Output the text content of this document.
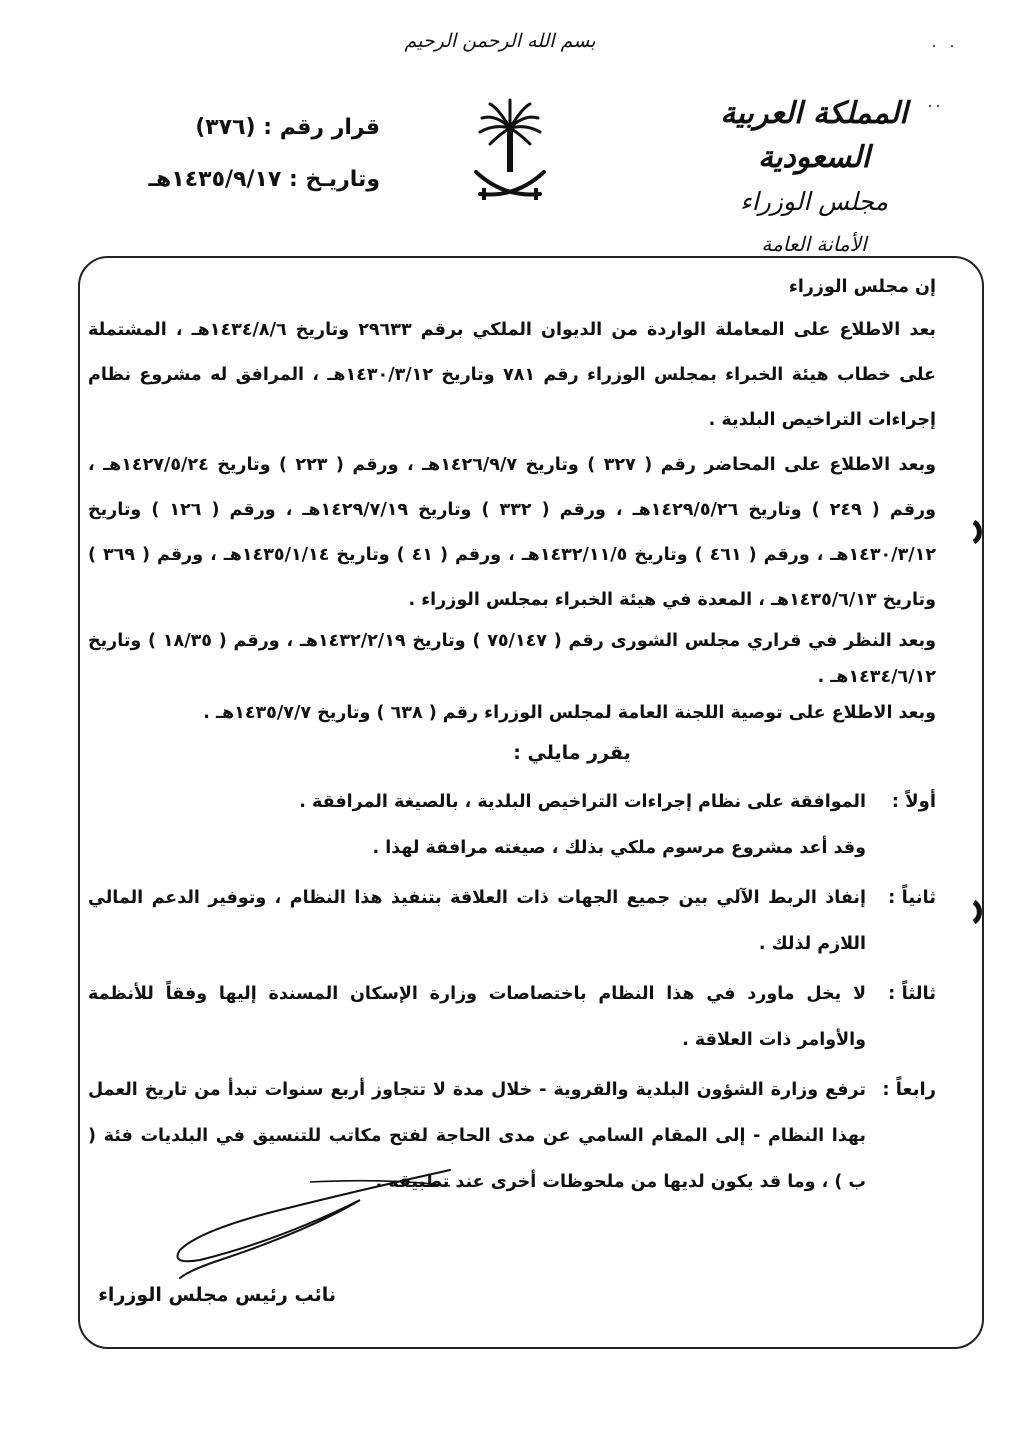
بسم الله الرحمن الرحيم
المملكة العربية السعودية
مجلس الوزراء
الأمانة العامة
قرار رقم : (٣٧٦)
وتاريـخ : ١٤٣٥/٩/١٧هـ

إن مجلس الوزراء

بعد الاطلاع على المعاملة الواردة من الديوان الملكي برقم ٢٩٦٣٣ وتاريخ ١٤٣٤/٨/٦هـ ، المشتملة على خطاب هيئة الخبراء بمجلس الوزراء رقم ٧٨١ وتاريخ ١٤٣٠/٣/١٢هـ ، المرافق له مشروع نظام إجراءات التراخيص البلدية .

وبعد الاطلاع على المحاضر رقم ( ٣٢٧ ) وتاريخ ١٤٢٦/٩/٧هـ ، ورقم ( ٢٢٣ ) وتاريخ ١٤٢٧/٥/٢٤هـ ، ورقم ( ٢٤٩ ) وتاريخ ١٤٢٩/٥/٢٦هـ ، ورقم ( ٣٣٢ ) وتاريخ ١٤٢٩/٧/١٩هـ ، ورقم ( ١٢٦ ) وتاريخ ١٤٣٠/٣/١٢هـ ، ورقم ( ٤٦١ ) وتاريخ ١٤٣٢/١١/٥هـ ، ورقم ( ٤١ ) وتاريخ ١٤٣٥/١/١٤هـ ، ورقم ( ٣٦٩ ) وتاريخ ١٤٣٥/٦/١٣هـ ، المعدة في هيئة الخبراء بمجلس الوزراء .

وبعد النظر في قراري مجلس الشورى رقم ( ٧٥/١٤٧ ) وتاريخ ١٤٣٢/٢/١٩هـ ، ورقم ( ١٨/٣٥ ) وتاريخ ١٤٣٤/٦/١٢هـ .

وبعد الاطلاع على توصية اللجنة العامة لمجلس الوزراء رقم ( ٦٣٨ ) وتاريخ ١٤٣٥/٧/٧هـ .

يقرر مايلي :

أولاً :
الموافقة على نظام إجراءات التراخيص البلدية ، بالصيغة المرافقة .
وقد أعد مشروع مرسوم ملكي بذلك ، صيغته مرافقة لهذا .
ثانياً :
إنفاذ الربط الآلي بين جميع الجهات ذات العلاقة بتنفيذ هذا النظام ، وتوفير الدعم المالي اللازم لذلك .
ثالثاً :
لا يخل ماورد في هذا النظام باختصاصات وزارة الإسكان المسندة إليها وفقاً للأنظمة والأوامر ذات العلاقة .
رابعاً :
ترفع وزارة الشؤون البلدية والقروية - خلال مدة لا تتجاوز أربع سنوات تبدأ من تاريخ العمل بهذا النظام - إلى المقام السامي عن مدى الحاجة لفتح مكاتب للتنسيق في البلديات فئة ( ب ) ، وما قد يكون لديها من ملحوظات أخرى عند تطبيقه .
نائب رئيس مجلس الوزراء
